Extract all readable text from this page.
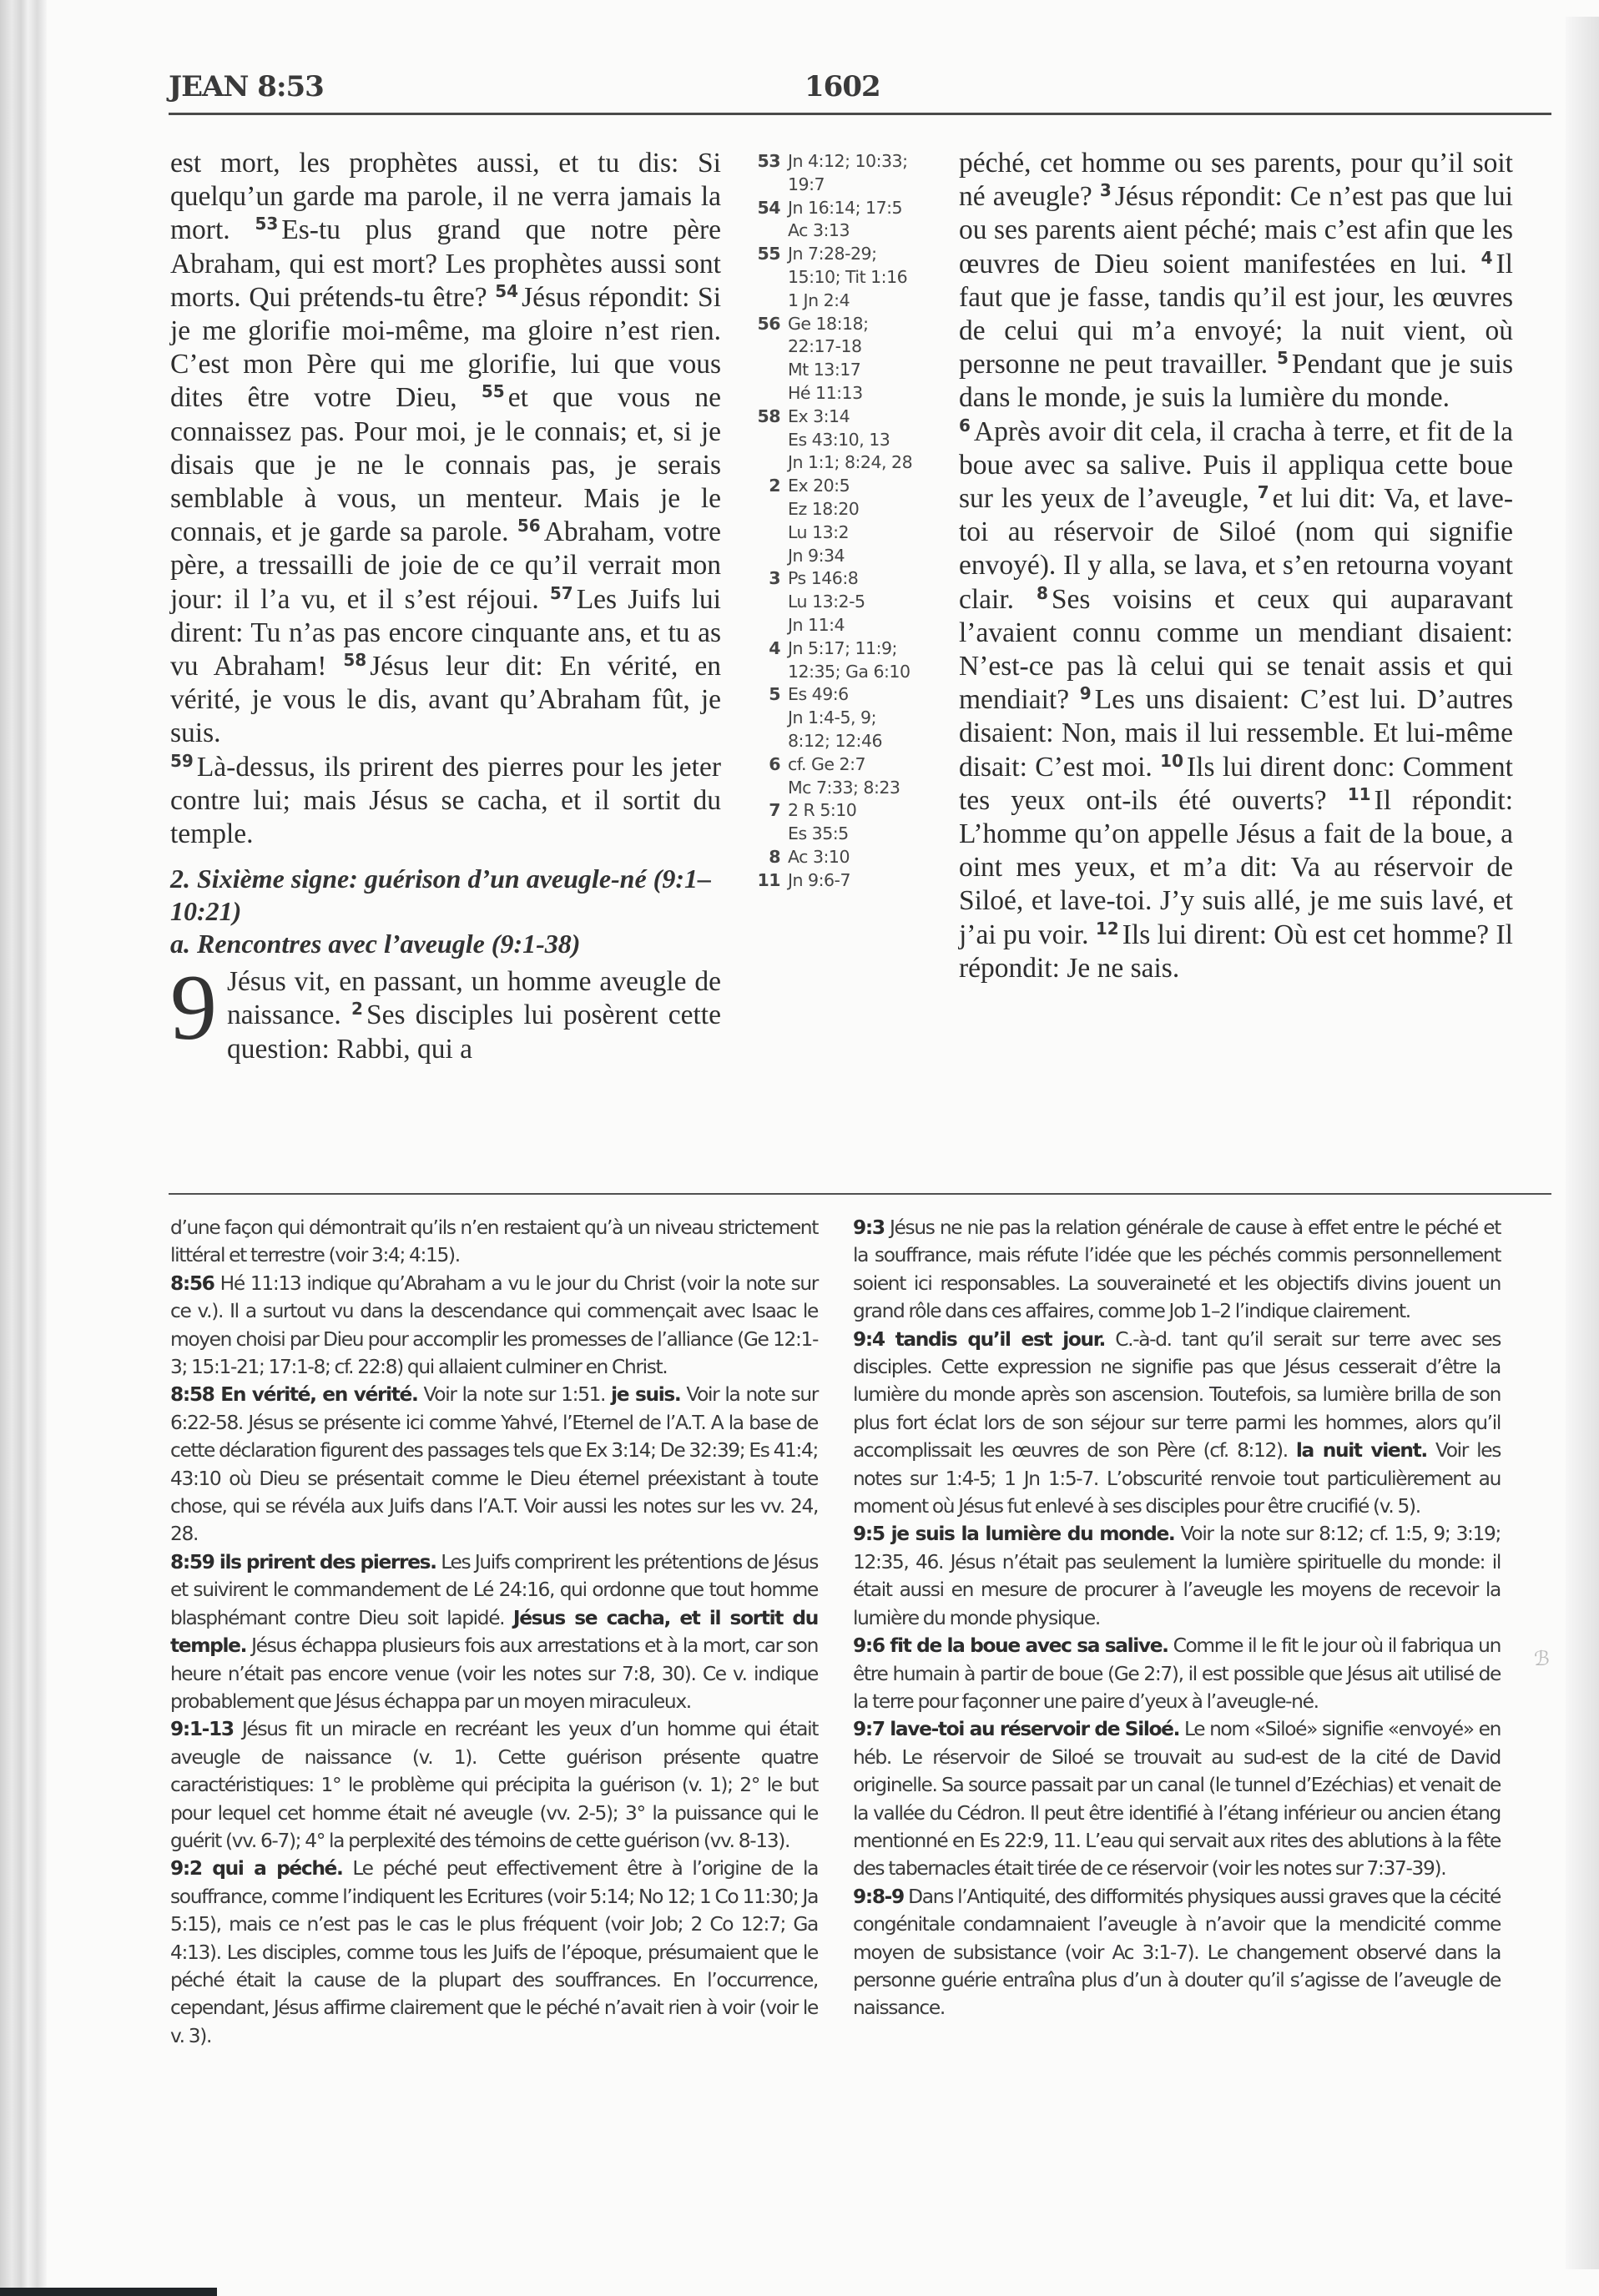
JEAN 8:53	1602

est mort, les prophètes aussi, et tu dis: Si quelqu’un garde ma parole, il ne verra jamais la mort. $^{53}$ Es-tu plus grand que notre père Abraham, qui est mort? Les prophètes aussi sont morts. Qui prétends-tu être? $^{54}$ Jésus répondit: Si je me glorifie moi-même, ma gloire n’est rien. C’est mon Père qui me glorifie, lui que vous dites être votre Dieu, $^{55}$ et que vous ne connaissez pas. Pour moi, je le connais; et, si je disais que je ne le connais pas, je serais semblable à vous, un menteur. Mais je le connais, et je garde sa parole. $^{56}$ Abraham, votre père, a tressailli de joie de ce qu’il verrait mon jour: il l’a vu, et il s’est réjoui. $^{57}$ Les Juifs lui dirent: Tu n’as pas encore cinquante ans, et tu as vu Abraham! $^{58}$ Jésus leur dit: En vérité, en vérité, je vous le dis, avant qu’Abraham fût, je suis.

$^{59}$ Là-dessus, ils prirent des pierres pour les jeter contre lui; mais Jésus se cacha, et il sortit du temple.

2. Sixième signe: guérison d’un aveugle-né (9:1–10:21)
a. Rencontres avec l’aveugle (9:1-38)

9 Jésus vit, en passant, un homme aveugle de naissance. $^2$ Ses disciples lui posèrent cette question: Rabbi, qui a

53 Jn 4:12; 10:33;
19:7
54 Jn 16:14; 17:5
Ac 3:13
55 Jn 7:28-29;
15:10; Tit 1:16
1 Jn 2:4
56 Ge 18:18;
22:17-18
Mt 13:17
Hé 11:13
58 Ex 3:14
Es 43:10, 13
Jn 1:1; 8:24, 28
2 Ex 20:5
Ez 18:20
Lu 13:2
Jn 9:34
3 Ps 146:8
Lu 13:2-5
Jn 11:4
4 Jn 5:17; 11:9;
12:35; Ga 6:10
5 Es 49:6
Jn 1:4-5, 9;
8:12; 12:46
6 cf. Ge 2:7
Mc 7:33; 8:23
7 2 R 5:10
Es 35:5
8 Ac 3:10
11 Jn 9:6-7

péché, cet homme ou ses parents, pour qu’il soit né aveugle? $^3$ Jésus répondit: Ce n’est pas que lui ou ses parents aient péché; mais c’est afin que les œuvres de Dieu soient manifestées en lui. $^4$ Il faut que je fasse, tandis qu’il est jour, les œuvres de celui qui m’a envoyé; la nuit vient, où personne ne peut travailler. $^5$ Pendant que je suis dans le monde, je suis la lumière du monde.

$^6$ Après avoir dit cela, il cracha à terre, et fit de la boue avec sa salive. Puis il appliqua cette boue sur les yeux de l’aveugle, $^7$ et lui dit: Va, et lave-toi au réservoir de Siloé (nom qui signifie envoyé). Il y alla, se lava, et s’en retourna voyant clair. $^8$ Ses voisins et ceux qui auparavant l’avaient connu comme un mendiant disaient: N’est-ce pas là celui qui se tenait assis et qui mendiait? $^9$ Les uns disaient: C’est lui. D’autres disaient: Non, mais il lui ressemble. Et lui-même disait: C’est moi. $^{10}$ Ils lui dirent donc: Comment tes yeux ont-ils été ouverts? $^{11}$ Il répondit: L’homme qu’on appelle Jésus a fait de la boue, a oint mes yeux, et m’a dit: Va au réservoir de Siloé, et lave-toi. J’y suis allé, je me suis lavé, et j’ai pu voir. $^{12}$ Ils lui dirent: Où est cet homme? Il répondit: Je ne sais.

d’une façon qui démontrait qu’ils n’en restaient qu’à un niveau strictement littéral et terrestre (voir 3:4; 4:15).

8:56 Hé 11:13 indique qu’Abraham a vu le jour du Christ (voir la note sur ce v.). Il a surtout vu dans la descendance qui commençait avec Isaac le moyen choisi par Dieu pour accomplir les promesses de l’alliance (Ge 12:1-3; 15:1-21; 17:1-8; cf. 22:8) qui allaient culminer en Christ.

8:58 En vérité, en vérité. Voir la note sur 1:51. je suis. Voir la note sur 6:22-58. Jésus se présente ici comme Yahvé, l’Eternel de l’A.T. A la base de cette déclaration figurent des passages tels que Ex 3:14; De 32:39; Es 41:4; 43:10 où Dieu se présentait comme le Dieu éternel préexistant à toute chose, qui se révéla aux Juifs dans l’A.T. Voir aussi les notes sur les vv. 24, 28.

8:59 ils prirent des pierres. Les Juifs comprirent les prétentions de Jésus et suivirent le commandement de Lé 24:16, qui ordonne que tout homme blasphémant contre Dieu soit lapidé. Jésus se cacha, et il sortit du temple. Jésus échappa plusieurs fois aux arrestations et à la mort, car son heure n’était pas encore venue (voir les notes sur 7:8, 30). Ce v. indique probablement que Jésus échappa par un moyen miraculeux.

9:1-13 Jésus fit un miracle en recréant les yeux d’un homme qui était aveugle de naissance (v. 1). Cette guérison présente quatre caractéristiques: 1° le problème qui précipita la guérison (v. 1); 2° le but pour lequel cet homme était né aveugle (vv. 2-5); 3° la puissance qui le guérit (vv. 6-7); 4° la perplexité des témoins de cette guérison (vv. 8-13).

9:2 qui a péché. Le péché peut effectivement être à l’origine de la souffrance, comme l’indiquent les Ecritures (voir 5:14; No 12; 1 Co 11:30; Ja 5:15), mais ce n’est pas le cas le plus fréquent (voir Job; 2 Co 12:7; Ga 4:13). Les disciples, comme tous les Juifs de l’époque, présumaient que le péché était la cause de la plupart des souffrances. En l’occurrence, cependant, Jésus affirme clairement que le péché n’avait rien à voir (voir le v. 3).

9:3 Jésus ne nie pas la relation générale de cause à effet entre le péché et la souffrance, mais réfute l’idée que les péchés commis personnellement soient ici responsables. La souveraineté et les objectifs divins jouent un grand rôle dans ces affaires, comme Job 1–2 l’indique clairement.

9:4 tandis qu’il est jour. C.-à-d. tant qu’il serait sur terre avec ses disciples. Cette expression ne signifie pas que Jésus cesserait d’être la lumière du monde après son ascension. Toutefois, sa lumière brilla de son plus fort éclat lors de son séjour sur terre parmi les hommes, alors qu’il accomplissait les œuvres de son Père (cf. 8:12). la nuit vient. Voir les notes sur 1:4-5; 1 Jn 1:5-7. L’obscurité renvoie tout particulièrement au moment où Jésus fut enlevé à ses disciples pour être crucifié (v. 5).

9:5 je suis la lumière du monde. Voir la note sur 8:12; cf. 1:5, 9; 3:19; 12:35, 46. Jésus n’était pas seulement la lumière spirituelle du monde: il était aussi en mesure de procurer à l’aveugle les moyens de recevoir la lumière du monde physique.

9:6 fit de la boue avec sa salive. Comme il le fit le jour où il fabriqua un être humain à partir de boue (Ge 2:7), il est possible que Jésus ait utilisé de la terre pour façonner une paire d’yeux à l’aveugle-né.

9:7 lave-toi au réservoir de Siloé. Le nom «Siloé» signifie «envoyé» en héb. Le réservoir de Siloé se trouvait au sud-est de la cité de David originelle. Sa source passait par un canal (le tunnel d’Ezéchias) et venait de la vallée du Cédron. Il peut être identifié à l’étang inférieur ou ancien étang mentionné en Es 22:9, 11. L’eau qui servait aux rites des ablutions à la fête des tabernacles était tirée de ce réservoir (voir les notes sur 7:37-39).

9:8-9 Dans l’Antiquité, des difformités physiques aussi graves que la cécité congénitale condamnaient l’aveugle à n’avoir que la mendicité comme moyen de subsistance (voir Ac 3:1-7). Le changement observé dans la personne guérie entraîna plus d’un à douter qu’il s’agisse de l’aveugle de naissance.

ℬ
